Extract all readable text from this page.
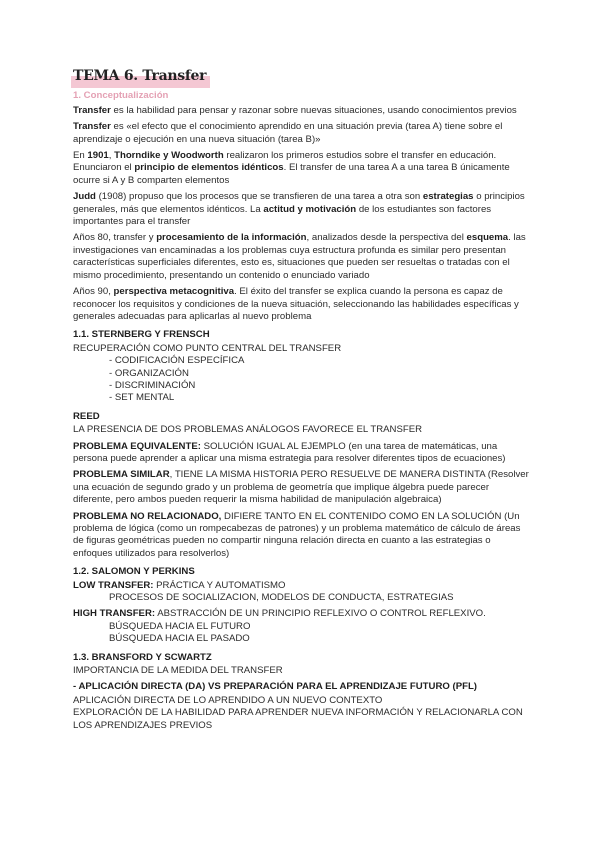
TEMA 6. Transfer
1. Conceptualización

Transfer es la habilidad para pensar y razonar sobre nuevas situaciones, usando conocimientos previos

Transfer es «el efecto que el conocimiento aprendido en una situación previa (tarea A) tiene sobre el aprendizaje o ejecución en una nueva situación (tarea B)»

En 1901, Thorndike y Woodworth realizaron los primeros estudios sobre el transfer en educación. Enunciaron el principio de elementos idénticos. El transfer de una tarea A a una tarea B únicamente ocurre si A y B comparten elementos

Judd (1908) propuso que los procesos que se transfieren de una tarea a otra son estrategias o principios generales, más que elementos idénticos. La actitud y motivación de los estudiantes son factores importantes para el transfer

Años 80, transfer y procesamiento de la información, analizados desde la perspectiva del esquema. las investigaciones van encaminadas a los problemas cuya estructura profunda es similar pero presentan características superficiales diferentes, esto es, situaciones que pueden ser resueltas o tratadas con el mismo procedimiento, presentando un contenido o enunciado variado

Años 90, perspectiva metacognitiva. El éxito del transfer se explica cuando la persona es capaz de reconocer los requisitos y condiciones de la nueva situación, seleccionando las habilidades específicas y generales adecuadas para aplicarlas al nuevo problema

1.1. STERNBERG Y FRENSCH
RECUPERACIÓN COMO PUNTO CENTRAL DEL TRANSFER
- CODIFICACIÓN ESPECÍFICA
- ORGANIZACIÓN
- DISCRIMINACIÓN
- SET MENTAL
REED

LA PRESENCIA DE DOS PROBLEMAS ANÁLOGOS FAVORECE EL TRANSFER

PROBLEMA EQUIVALENTE: SOLUCIÓN IGUAL AL EJEMPLO (en una tarea de matemáticas, una persona puede aprender a aplicar una misma estrategia para resolver diferentes tipos de ecuaciones)

PROBLEMA SIMILAR, TIENE LA MISMA HISTORIA PERO RESUELVE DE MANERA DISTINTA (Resolver una ecuación de segundo grado y un problema de geometría que implique álgebra puede parecer diferente, pero ambos pueden requerir la misma habilidad de manipulación algebraica)

PROBLEMA NO RELACIONADO, DIFIERE TANTO EN EL CONTENIDO COMO EN LA SOLUCIÓN (Un problema de lógica (como un rompecabezas de patrones) y un problema matemático de cálculo de áreas de figuras geométricas pueden no compartir ninguna relación directa en cuanto a las estrategias o enfoques utilizados para resolverlos)

1.2. SALOMON Y PERKINS
LOW TRANSFER: PRÁCTICA Y AUTOMATISMO
PROCESOS DE SOCIALIZACION, MODELOS DE CONDUCTA, ESTRATEGIAS
HIGH TRANSFER: ABSTRACCIÓN DE UN PRINCIPIO REFLEXIVO O CONTROL REFLEXIVO.
BÚSQUEDA HACIA EL FUTURO
BÚSQUEDA HACIA EL PASADO
1.3. BRANSFORD Y SCWARTZ

IMPORTANCIA DE LA MEDIDA DEL TRANSFER

- APLICACIÓN DIRECTA (DA) VS PREPARACIÓN PARA EL APRENDIZAJE FUTURO (PFL)
APLICACIÓN DIRECTA DE LO APRENDIDO A UN NUEVO CONTEXTO
EXPLORACIÓN DE LA HABILIDAD PARA APRENDER NUEVA INFORMACIÓN Y RELACIONARLA CON LOS APRENDIZAJES PREVIOS
